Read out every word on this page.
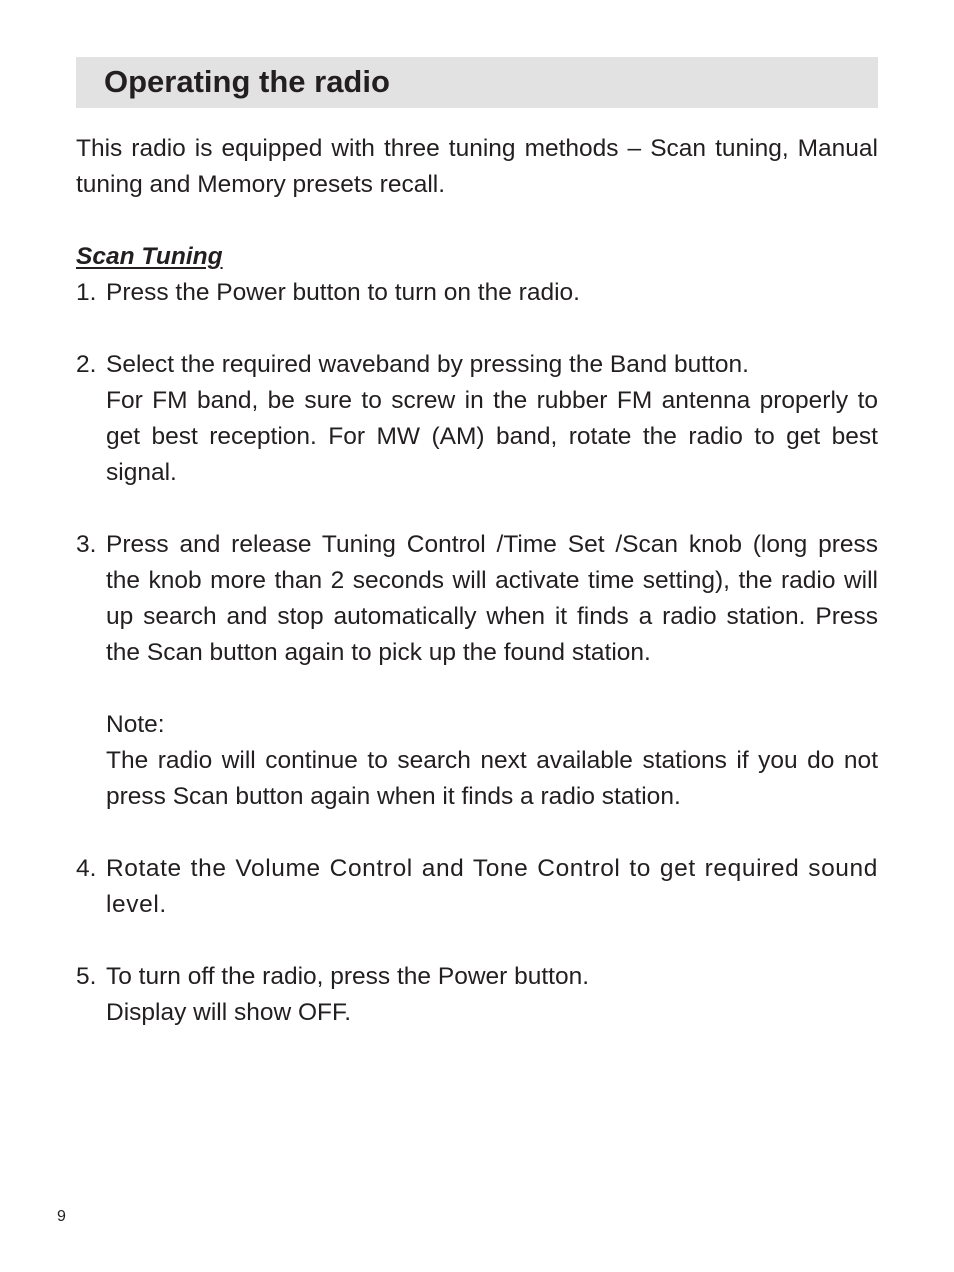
Operating the radio

This radio is equipped with three tuning methods – Scan tuning, Manual tuning and Memory presets recall.

Scan Tuning

1. Press the Power button to turn on the radio.
2. Select the required waveband by pressing the Band button.
For FM band, be sure to screw in the rubber FM antenna properly to get best reception. For MW (AM) band, rotate the radio to get best signal.
3. Press and release Tuning Control /Time Set /Scan knob (long press the knob more than 2 seconds will activate time setting), the radio will up search and stop automatically when it finds a radio station. Press the Scan button again to pick up the found station.
Note:
The radio will continue to search next available stations if you do not press Scan button again when it finds a radio station.
4. Rotate the Volume Control and Tone Control to get required sound level.
5. To turn off the radio, press the Power button.
Display will show OFF.
9
